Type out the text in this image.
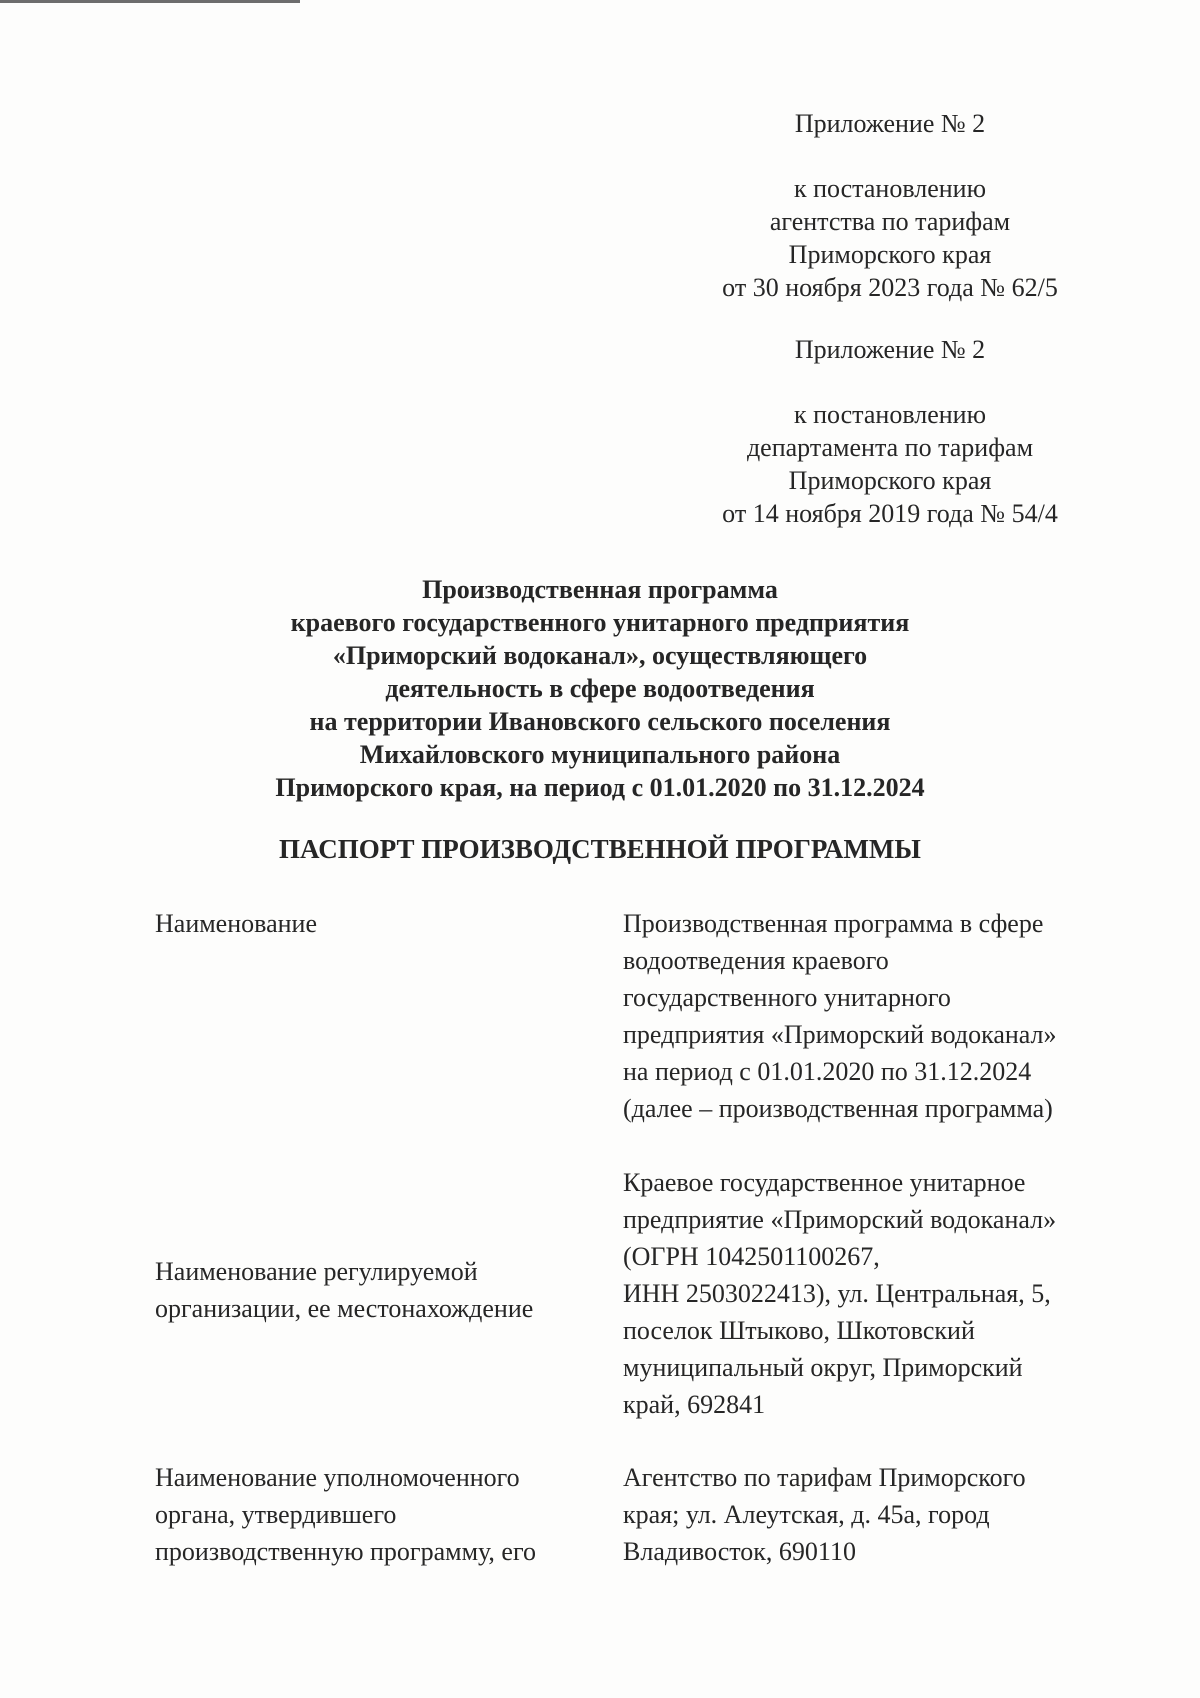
Приложение № 2
к постановлению
агентства по тарифам
Приморского края
от 30 ноября 2023 года № 62/5
Приложение № 2
к постановлению
департамента по тарифам
Приморского края
от 14 ноября 2019 года № 54/4
Производственная программа
краевого государственного унитарного предприятия
«Приморский водоканал», осуществляющего
деятельность в сфере водоотведения
на территории Ивановского сельского поселения
Михайловского муниципального района
Приморского края, на период с 01.01.2020 по 31.12.2024
ПАСПОРТ ПРОИЗВОДСТВЕННОЙ ПРОГРАММЫ
Наименование	Производственная программа в сфере
водоотведения краевого
государственного унитарного
предприятия «Приморский водоканал»
на период с 01.01.2020 по 31.12.2024
(далее – производственная программа)
Наименование регулируемой
организации, ее местонахождение
Краевое государственное унитарное
предприятие «Приморский водоканал»
(ОГРН 1042501100267,
ИНН 2503022413), ул. Центральная, 5,
поселок Штыково, Шкотовский
муниципальный округ, Приморский
край, 692841
Наименование уполномоченного
органа, утвердившего
производственную программу, его
Агентство по тарифам Приморского
края; ул. Алеутская, д. 45а, город
Владивосток, 690110
